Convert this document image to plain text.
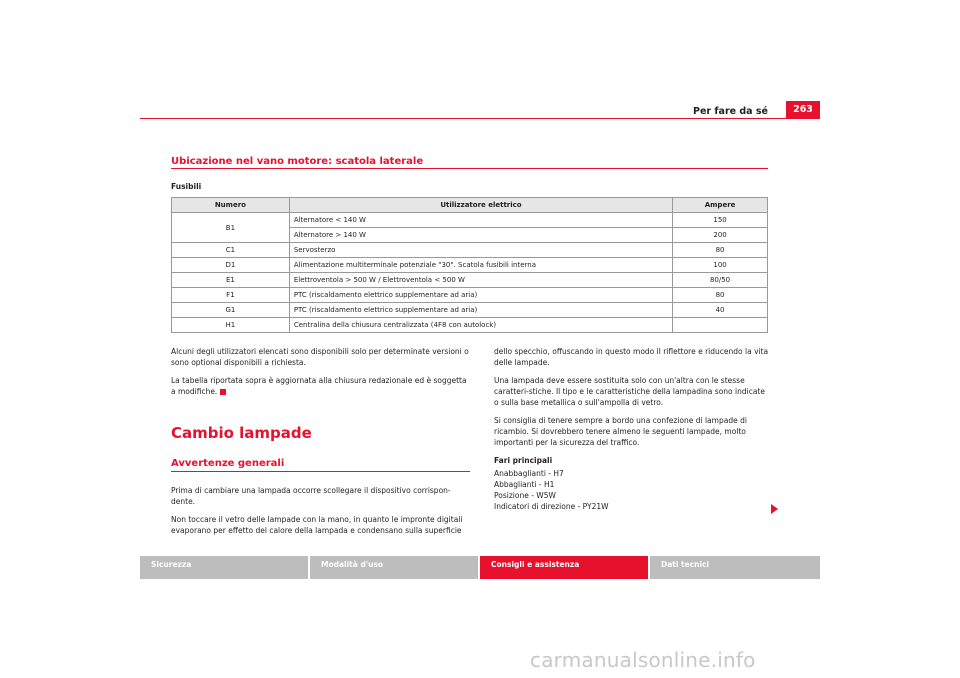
Per fare da sé	263
Ubicazione nel vano motore: scatola laterale
Fusibili
Numero	Utilizzatore elettrico	Ampere
B1	Alternatore < 140 W	150
	Alternatore > 140 W	200
C1	Servosterzo	80
D1	Alimentazione multiterminale potenziale "30". Scatola fusibili interna	100
E1	Elettroventola > 500 W / Elettroventola < 500 W	80/50
F1	PTC (riscaldamento elettrico supplementare ad aria)	80
G1	PTC (riscaldamento elettrico supplementare ad aria)	40
H1	Centralina della chiusura centralizzata (4F8 con autolock)	

Alcuni degli utilizzatori elencati sono disponibili solo per determinate versioni o sono optional disponibili a richiesta.

La tabella riportata sopra è aggiornata alla chiusura redazionale ed è soggetta a modifiche.

Cambio lampade
Avvertenze generali

Prima di cambiare una lampada occorre scollegare il dispositivo corrispon-dente.

Non toccare il vetro delle lampade con la mano, in quanto le impronte digitali evaporano per effetto del calore della lampada e condensano sulla superficie

dello specchio, offuscando in questo modo il riflettore e riducendo la vita delle lampade.

Una lampada deve essere sostituita solo con un'altra con le stesse caratteri-stiche. Il tipo e le caratteristiche della lampadina sono indicate o sulla base metallica o sull'ampolla di vetro.

Si consiglia di tenere sempre a bordo una confezione di lampade di ricambio. Si dovrebbero tenere almeno le seguenti lampade, molto importanti per la sicurezza del traffico.

Fari principali
Anabbaglianti - H7
Abbaglianti - H1
Posizione - W5W
Indicatori di direzione - PY21W
Sicurezza	Modalità d'uso	Consigli e assistenza	Dati tecnici
carmanualsonline.info
